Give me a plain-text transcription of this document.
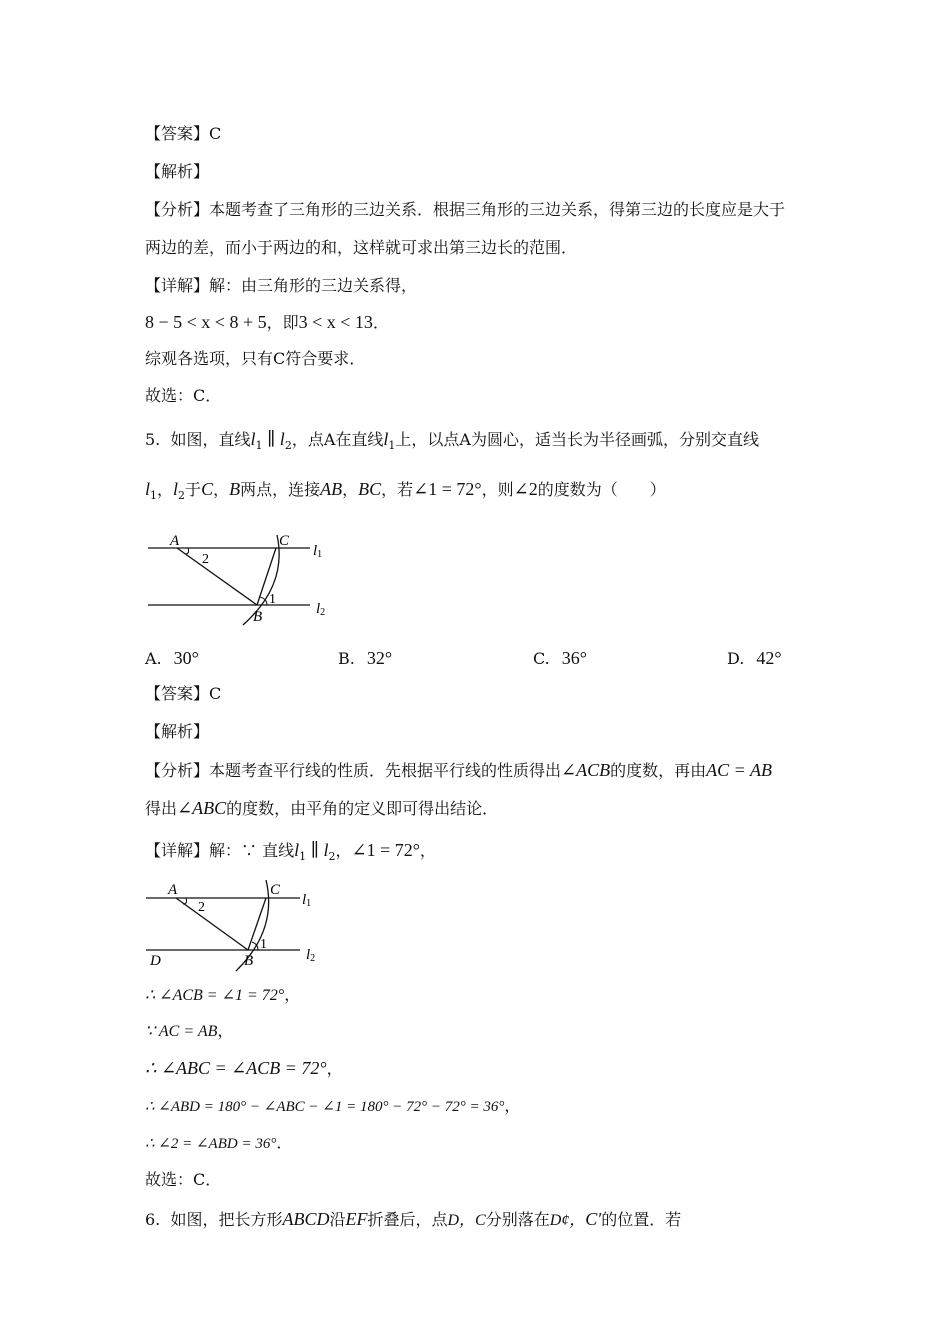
【答案】C
【解析】
【分析】本题考查了三角形的三边关系．根据三角形的三边关系，得第三边的长度应是大于
两边的差，而小于两边的和，这样就可求出第三边长的范围．
【详解】解：由三角形的三边关系得，
8 − 5 < x < 8 + 5，即3 < x < 13．
综观各选项，只有C符合要求．
故选：C．
5. 如图，直线$l_1$ ∥ $l_2$，点A在直线$l_1$上，以点A为圆心，适当长为半径画弧，分别交直线
$l_1$，$l_2$于C，B两点，连接AB，BC，若∠1 = 72°，则∠2的度数为（　　）
A	C
B
2
1
l1
l2
A. 30°	B. 32°	C. 36°	D. 42°
【答案】C
【解析】
【分析】本题考查平行线的性质．先根据平行线的性质得出∠ACB的度数，再由AC = AB
得出∠ABC的度数，由平角的定义即可得出结论．
【详解】解：∵ 直线$l_1$ ∥ $l_2$，∠1 = 72°，
A	C
B
D
2
1
l1
l2
∴ ∠ACB = ∠1 = 72°，
∵ AC = AB，
∴ ∠ABC = ∠ACB = 72°，
∴ ∠ABD = 180° − ∠ABC − ∠1 = 180° − 72° − 72° = 36°，
∴ ∠2 = ∠ABD = 36°．
故选：C．
6. 如图，把长方形ABCD沿EF折叠后，点D，C分别落在D¢，C′的位置．若
